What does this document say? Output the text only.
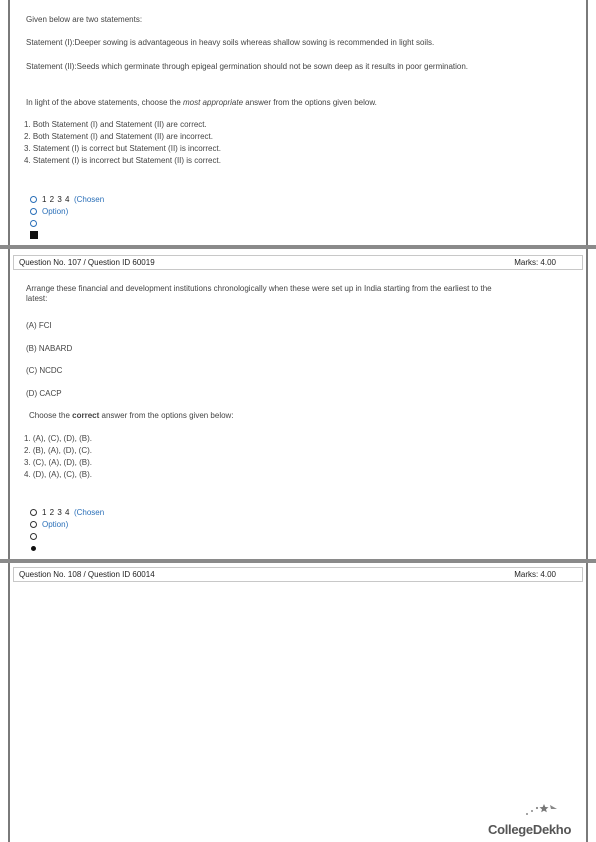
Given below are two statements:
Statement (I):Deeper sowing is advantageous in heavy soils whereas shallow sowing is recommended in light soils.
Statement (II):Seeds which germinate through epigeal germination should not be sown deep as it results in poor germination.
In light of the above statements, choose the most appropriate answer from the options given below.
1. Both Statement (I) and Statement (II) are correct.
2. Both Statement (I) and Statement (II) are incorrect.
3. Statement (I) is correct but Statement (II) is incorrect.
4. Statement (I) is incorrect but Statement (II) is correct.
1 2 3 4 (Chosen
Option)
Question No. 107 / Question ID 60019	Marks: 4.00
Arrange these financial and development institutions chronologically when these were set up in India starting from the earliest to the latest:
(A) FCI
(B) NABARD
(C) NCDC
(D) CACP
Choose the correct answer from the options given below:
1. (A), (C), (D), (B).
2. (B), (A), (D), (C).
3. (C), (A), (D), (B).
4. (D), (A), (C), (B).
1 2 3 4 (Chosen
Option)
Question No. 108 / Question ID 60014	Marks: 4.00
CollegeDekho
